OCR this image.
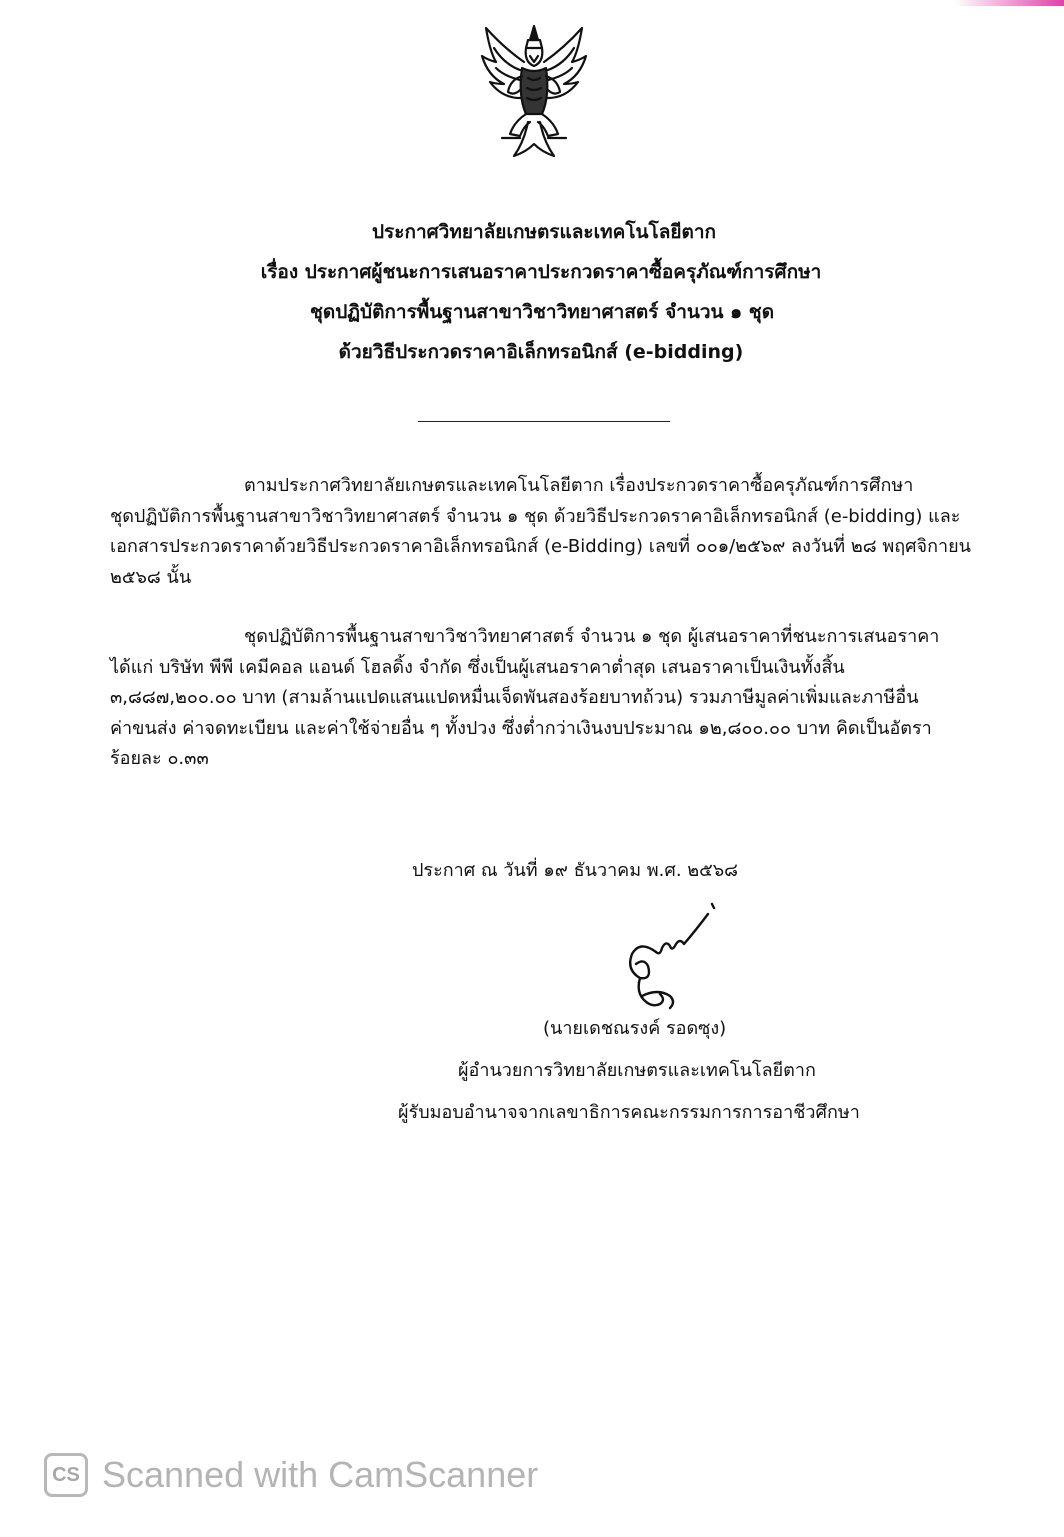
ประกาศวิทยาลัยเกษตรและเทคโนโลยีตาก
เรื่อง ประกาศผู้ชนะการเสนอราคาประกวดราคาซื้อครุภัณฑ์การศึกษา
ชุดปฏิบัติการพื้นฐานสาขาวิชาวิทยาศาสตร์ จำนวน ๑ ชุด
ด้วยวิธีประกวดราคาอิเล็กทรอนิกส์ (e-bidding)
ตามประกาศวิทยาลัยเกษตรและเทคโนโลยีตาก เรื่องประกวดราคาซื้อครุภัณฑ์การศึกษา
ชุดปฏิบัติการพื้นฐานสาขาวิชาวิทยาศาสตร์ จำนวน ๑ ชุด ด้วยวิธีประกวดราคาอิเล็กทรอนิกส์ (e-bidding) และ
เอกสารประกวดราคาด้วยวิธีประกวดราคาอิเล็กทรอนิกส์ (e-Bidding) เลขที่ ๐๐๑/๒๕๖๙ ลงวันที่ ๒๘ พฤศจิกายน
๒๕๖๘ นั้น
ชุดปฏิบัติการพื้นฐานสาขาวิชาวิทยาศาสตร์ จำนวน ๑ ชุด ผู้เสนอราคาที่ชนะการเสนอราคา
ได้แก่ บริษัท พีพี เคมีคอล แอนด์ โฮลดิ้ง จำกัด ซึ่งเป็นผู้เสนอราคาต่ำสุด เสนอราคาเป็นเงินทั้งสิ้น
๓,๘๘๗,๒๐๐.๐๐ บาท (สามล้านแปดแสนแปดหมื่นเจ็ดพันสองร้อยบาทถ้วน) รวมภาษีมูลค่าเพิ่มและภาษีอื่น
ค่าขนส่ง ค่าจดทะเบียน และค่าใช้จ่ายอื่น ๆ ทั้งปวง ซึ่งต่ำกว่าเงินงบประมาณ ๑๒,๘๐๐.๐๐ บาท คิดเป็นอัตรา
ร้อยละ ๐.๓๓
ประกาศ ณ วันที่ ๑๙ ธันวาคม พ.ศ. ๒๕๖๘
(นายเดชณรงค์ รอดซุง)
ผู้อำนวยการวิทยาลัยเกษตรและเทคโนโลยีตาก
ผู้รับมอบอำนาจจากเลขาธิการคณะกรรมการการอาชีวศึกษา
CS Scanned with CamScanner
